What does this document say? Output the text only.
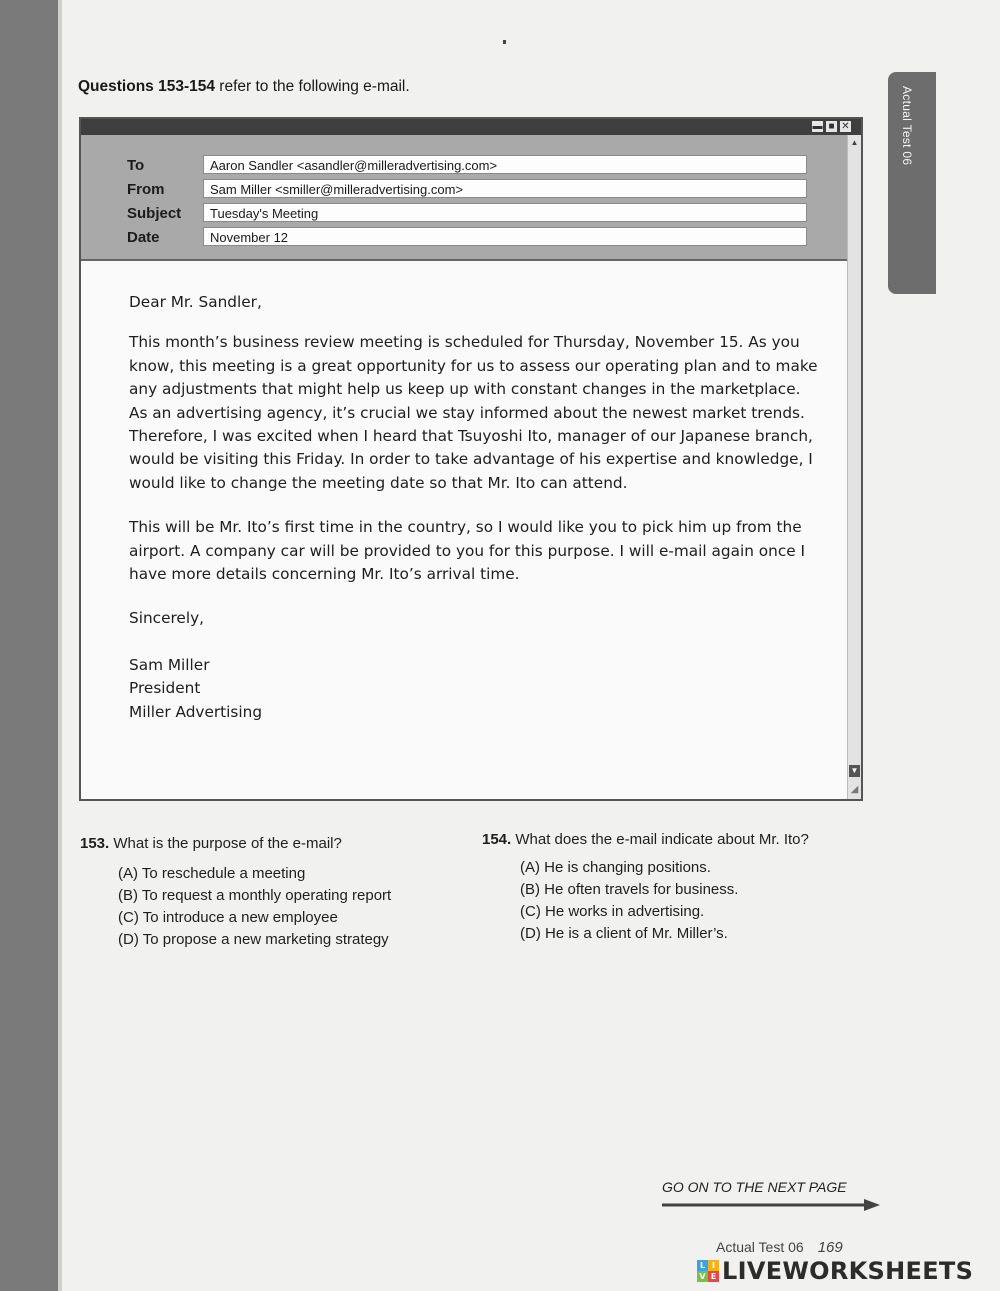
Actual Test 06
Questions 153-154 refer to the following e-mail.
▬ ■ ✕
To	Aaron Sandler <asandler@milleradvertising.com>
From	Sam Miller <smiller@milleradvertising.com>
Subject	Tuesday's Meeting
Date	November 12
▲
▼
◢

Dear Mr. Sandler,

This month’s business review meeting is scheduled for Thursday, November 15. As you know, this meeting is a great opportunity for us to assess our operating plan and to make any adjustments that might help us keep up with constant changes in the marketplace. As an advertising agency, it’s crucial we stay informed about the newest market trends. Therefore, I was excited when I heard that Tsuyoshi Ito, manager of our Japanese branch, would be visiting this Friday. In order to take advantage of his expertise and knowledge, I would like to change the meeting date so that Mr. Ito can attend.

This will be Mr. Ito’s first time in the country, so I would like you to pick him up from the airport. A company car will be provided to you for this purpose. I will e-mail again once I have more details concerning Mr. Ito’s arrival time.

Sincerely,

Sam Miller

President

Miller Advertising

153. What is the purpose of the e-mail?
(A) To reschedule a meeting
(B) To request a monthly operating report
(C) To introduce a new employee
(D) To propose a new marketing strategy
154. What does the e-mail indicate about Mr. Ito?
(A) He is changing positions.
(B) He often travels for business.
(C) He works in advertising.
(D) He is a client of Mr. Miller’s.
GO ON TO THE NEXT PAGE
Actual Test 06 169
L I
V E LIVEWORKSHEETS
